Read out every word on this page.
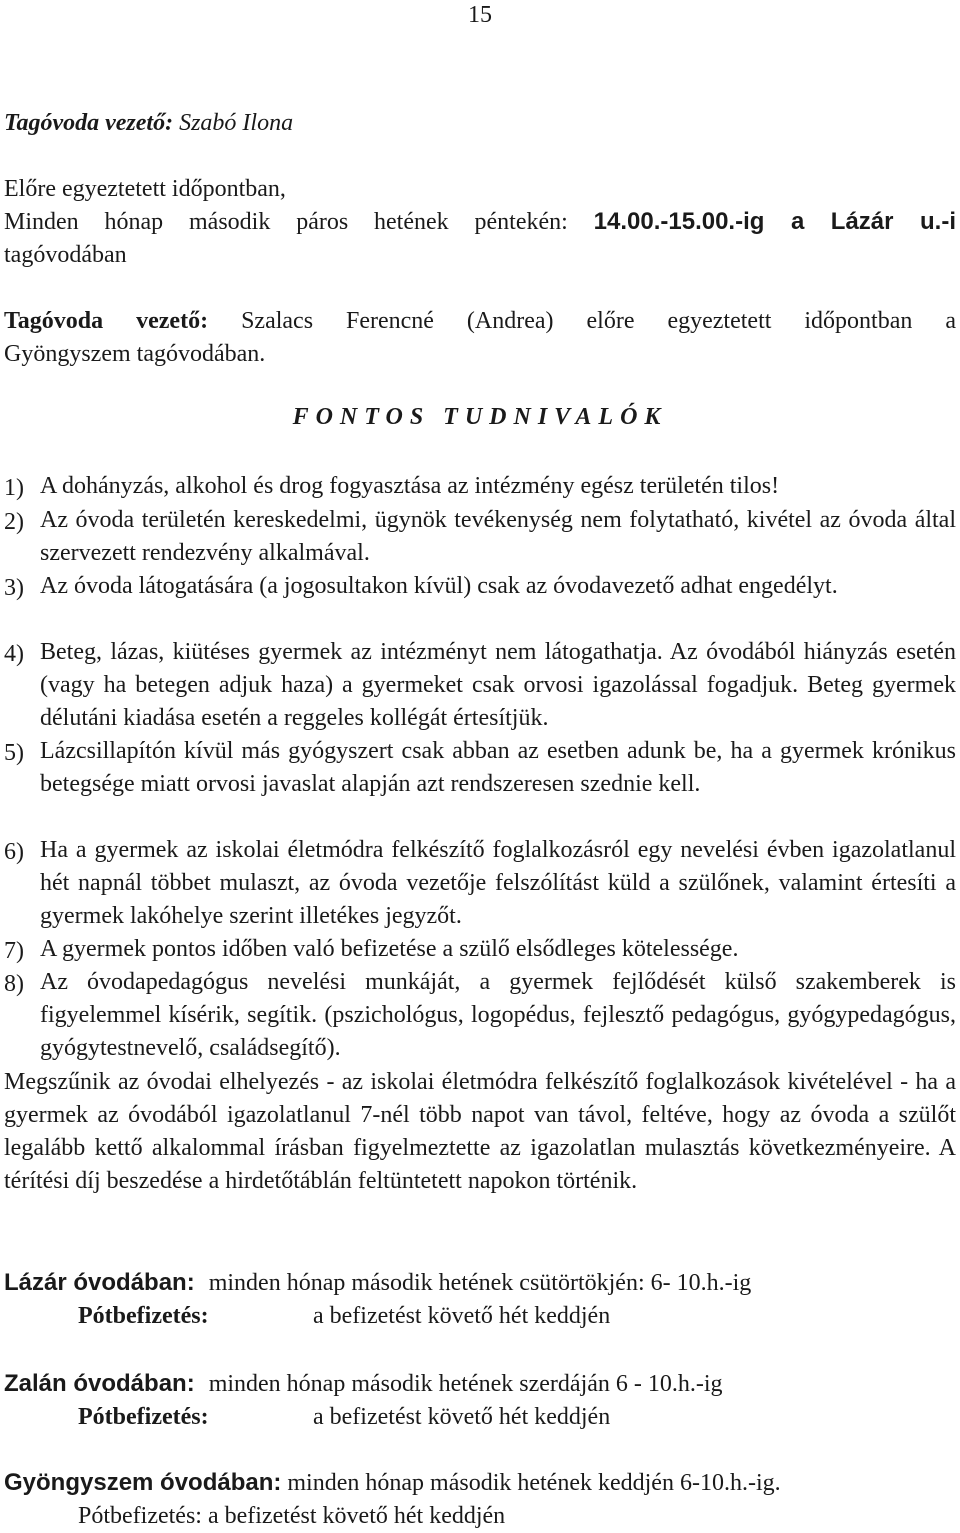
15
Tagóvoda vezető: Szabó Ilona
Előre egyeztetett időpontban,
Minden hónap második páros hetének péntekén: 14.00.-15.00.-ig a Lázár u.-i
tagóvodában
Tagóvoda vezető: Szalacs Ferencné (Andrea) előre egyeztetett időpontban a
Gyöngyszem tagóvodában.
FONTOS TUDNIVALÓK
1) A dohányzás, alkohol és drog fogyasztása az intézmény egész területén tilos!
2) Az óvoda területén kereskedelmi, ügynök tevékenység nem folytatható, kivétel az óvoda által szervezett rendezvény alkalmával.
3) Az óvoda látogatására (a jogosultakon kívül) csak az óvodavezető adhat engedélyt.
4) Beteg, lázas, kiütéses gyermek az intézményt nem látogathatja. Az óvodából hiányzás esetén (vagy ha betegen adjuk haza) a gyermeket csak orvosi igazolással fogadjuk. Beteg gyermek délutáni kiadása esetén a reggeles kollégát értesítjük.
5) Lázcsillapítón kívül más gyógyszert csak abban az esetben adunk be, ha a gyermek krónikus betegsége miatt orvosi javaslat alapján azt rendszeresen szednie kell.
6) Ha a gyermek az iskolai életmódra felkészítő foglalkozásról egy nevelési évben igazolatlanul hét napnál többet mulaszt, az óvoda vezetője felszólítást küld a szülőnek, valamint értesíti a gyermek lakóhelye szerint illetékes jegyzőt.
7) A gyermek pontos időben való befizetése a szülő elsődleges kötelessége.
8) Az óvodapedagógus nevelési munkáját, a gyermek fejlődését külső szakemberek is figyelemmel kísérik, segítik. (pszichológus, logopédus, fejlesztő pedagógus, gyógypedagógus, gyógytestnevelő, családsegítő).
Megszűnik az óvodai elhelyezés - az iskolai életmódra felkészítő foglalkozások kivételével - ha a gyermek az óvodából igazolatlanul 7-nél több napot van távol, feltéve, hogy az óvoda a szülőt legalább kettő alkalommal írásban figyelmeztette az igazolatlan mulasztás következményeire. A térítési díj beszedése a hirdetőtáblán feltüntetett napokon történik.
Lázár óvodában: minden hónap második hetének csütörtökjén: 6- 10.h.-ig
Pótbefizetés:	a befizetést követő hét keddjén
Zalán óvodában: minden hónap második hetének szerdáján 6 - 10.h.-ig
Pótbefizetés:	a befizetést követő hét keddjén
Gyöngyszem óvodában: minden hónap második hetének keddjén 6-10.h.-ig.
Pótbefizetés: a befizetést követő hét keddjén
